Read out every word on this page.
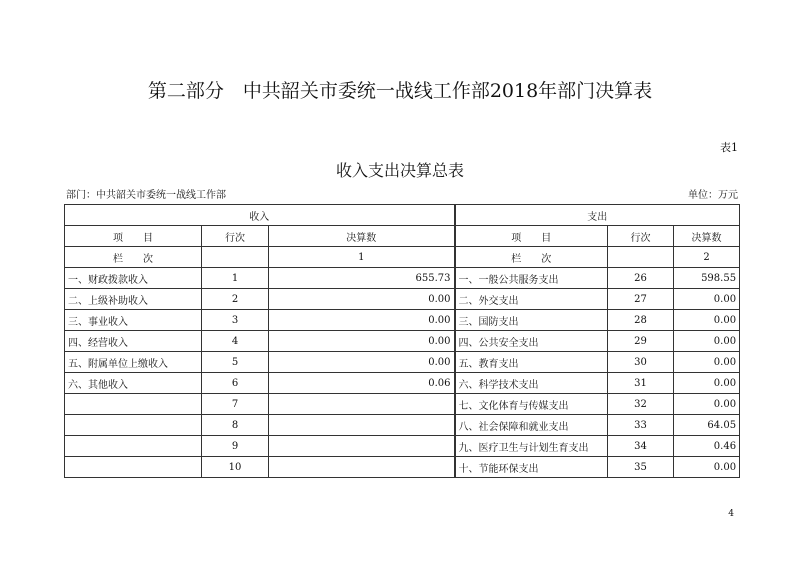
第二部分　中共韶关市委统一战线工作部2018年部门决算表
表1
收入支出决算总表
部门：中共韶关市委统一战线工作部	单位：万元
收入			支出		
项　　目	行次	决算数	项　　目	行次	决算数
栏　　次		1	栏　　次		2
一、财政拨款收入	1	655.73	一、一般公共服务支出	26	598.55
二、上级补助收入	2	0.00	二、外交支出	27	0.00
三、事业收入	3	0.00	三、国防支出	28	0.00
四、经营收入	4	0.00	四、公共安全支出	29	0.00
五、附属单位上缴收入	5	0.00	五、教育支出	30	0.00
六、其他收入	6	0.06	六、科学技术支出	31	0.00
	7		七、文化体育与传媒支出	32	0.00
	8		八、社会保障和就业支出	33	64.05
	9		九、医疗卫生与计划生育支出	34	0.46
	10		十、节能环保支出	35	0.00
4
